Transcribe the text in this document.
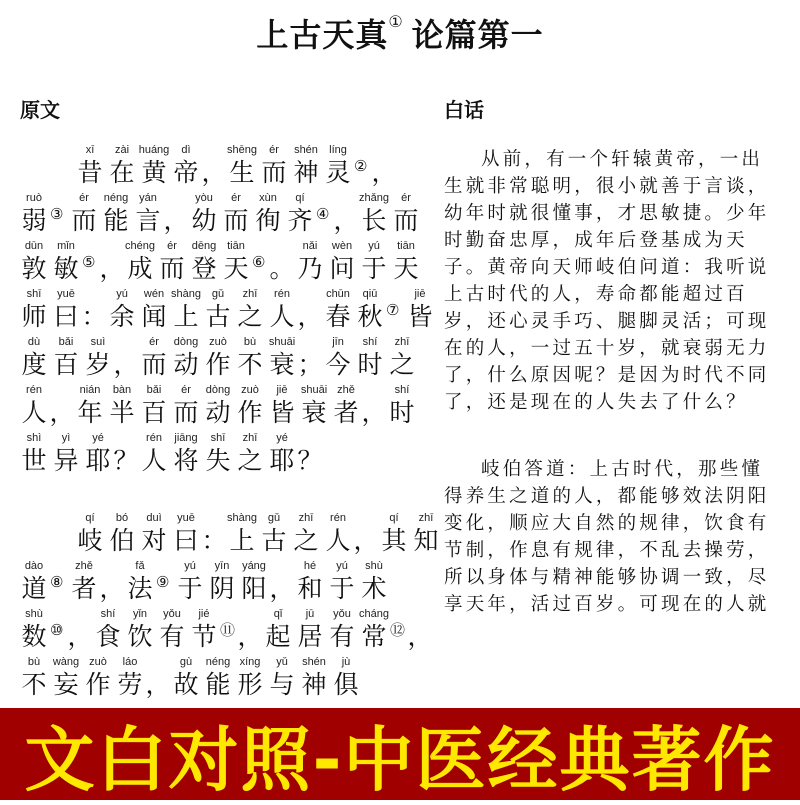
上古天真① 论篇第一
原文	白话
xī
昔
zài
在
huáng
黄
dì
帝 ，
shēng
生
ér
而
shén
神
líng
灵 ② ，
ruò
弱 ③
ér
而
néng
能
yán
言 ，
yòu
幼
ér
而
xùn
徇
qí
齐 ④ ，
zhǎng
长
ér
而
dūn
敦
mǐn
敏 ⑤ ，
chéng
成
ér
而
dēng
登
tiān
天 ⑥ 。
nǎi
乃
wèn
问
yú
于
tiān
天
shī
师
yuē
曰 ：
yú
余
wén
闻
shàng
上
gǔ
古
zhī
之
rén
人 ，
chūn
春
qiū
秋 ⑦
jiē
皆
dù
度
bǎi
百
suì
岁 ，
ér
而
dòng
动
zuò
作
bù
不
shuāi
衰 ；
jīn
今
shí
时
zhī
之
rén
人 ，
nián
年
bàn
半
bǎi
百
ér
而
dòng
动
zuò
作
jiē
皆
shuāi
衰
zhě
者 ，
shí
时
shì
世
yì
异
yé
耶 ？
rén
人
jiāng
将
shī
失
zhī
之
yé
耶 ？
qí
岐
bó
伯
duì
对
yuē
曰 ：
shàng
上
gǔ
古
zhī
之
rén
人 ，
qí
其
zhī
知
dào
道 ⑧
zhě
者 ，
fǎ
法 ⑨
yú
于
yīn
阴
yáng
阳 ，
hé
和
yú
于
shù
术
shù
数 ⑩ ，
shí
食
yǐn
饮
yǒu
有
jié
节 ⑪ ，
qǐ
起
jū
居
yǒu
有
cháng
常 ⑫ ，
bù
不
wàng
妄
zuò
作
láo
劳 ，
gù
故
néng
能
xíng
形
yǔ
与
shén
神
jù
俱

从前，有一个轩辕黄帝，一出生就非常聪明，很小就善于言谈，幼年时就很懂事，才思敏捷。少年时勤奋忠厚，成年后登基成为天子。黄帝向天师岐伯问道：我听说上古时代的人，寿命都能超过百岁，还心灵手巧、腿脚灵活；可现在的人，一过五十岁，就衰弱无力了，什么原因呢？是因为时代不同了，还是现在的人失去了什么？

岐伯答道：上古时代，那些懂得养生之道的人，都能够效法阴阳变化，顺应大自然的规律，饮食有节制，作息有规律，不乱去操劳，所以身体与精神能够协调一致，尽享天年，活过百岁。可现在的人就

文白对照-中医经典著作
